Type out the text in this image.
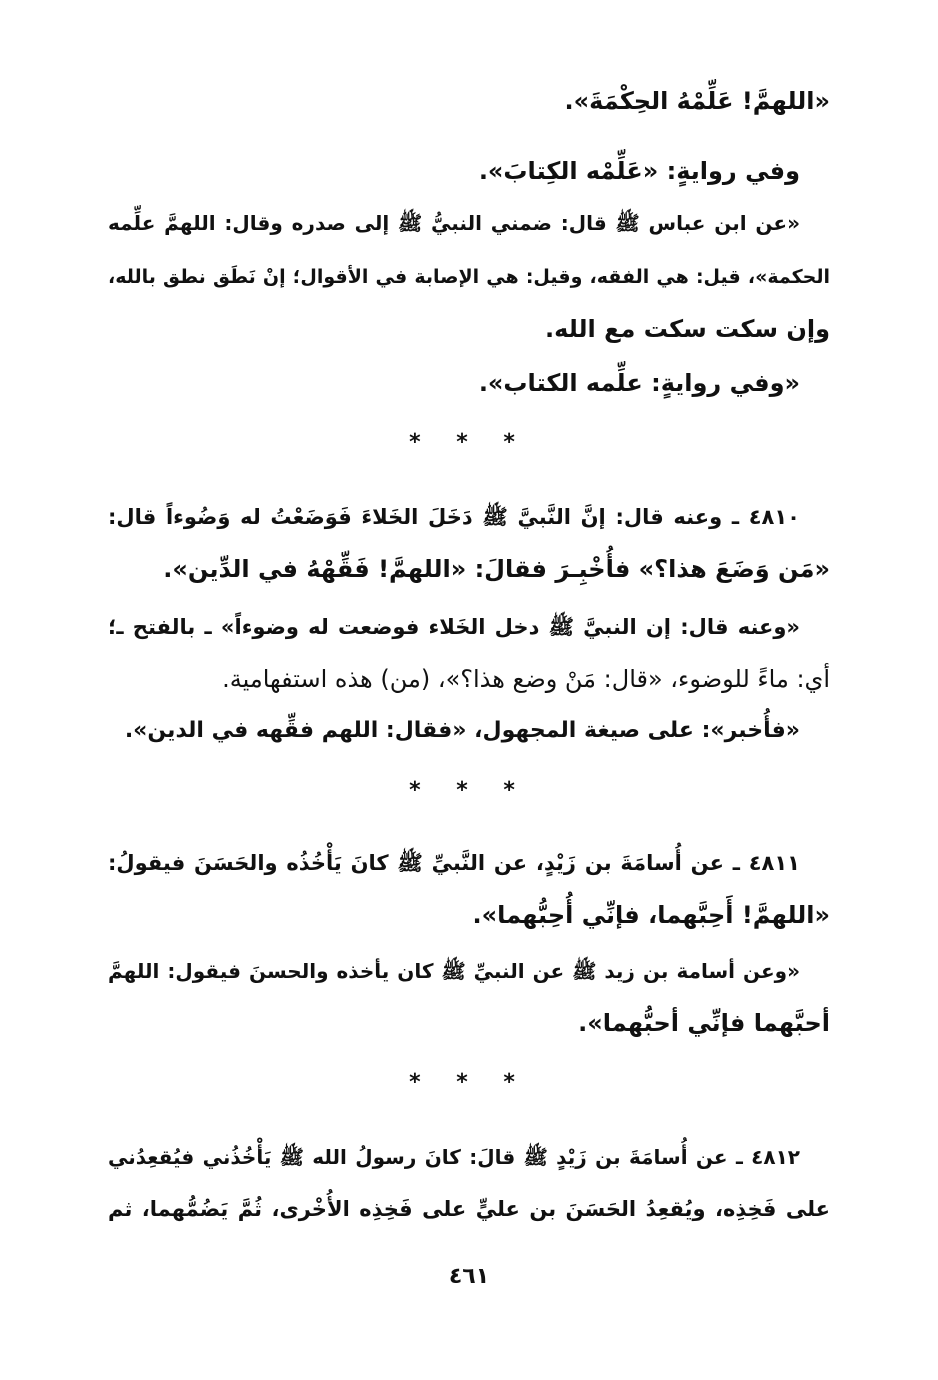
«اللهمَّ! عَلِّمْهُ الحِكْمَةَ».
وفي روايةٍ: «عَلِّمْه الكِتابَ».
«عن ابن عباس ﷺ قال: ضمني النبيُّ ﷺ إلى صدره وقال: اللهمَّ علِّمه
الحكمة»، قيل: هي الفقه، وقيل: هي الإصابة في الأقوال؛ إنْ نَطَق نطق بالله،
وإن سكت سكت مع الله.
«وفي روايةٍ: علِّمه الكتاب».
* * *
٤٨١٠ ـ وعنه قال: إنَّ النَّبيَّ ﷺ دَخَلَ الخَلاءَ فَوَضَعْتُ له وَضُوءاً قال:
«مَن وَضَعَ هذا؟» فأُخْبِـرَ فقالَ: «اللهمَّ! فَقِّهْهُ في الدِّين».
«وعنه قال: إن النبيَّ ﷺ دخل الخَلاء فوضعت له وضوءاً» ـ بالفتح ـ؛
أي: ماءً للوضوء، «قال: مَنْ وضع هذا؟»، (من) هذه استفهامية.
«فأُخبر»: على صيغة المجهول، «فقال: اللهم فقِّهه في الدين».
* * *
٤٨١١ ـ عن أُسامَةَ بن زَيْدٍ، عن النَّبيِّ ﷺ كانَ يَأْخُذُه والحَسَنَ فيقولُ:
«اللهمَّ! أَحِبَّهما، فإنِّي أُحِبُّهما».
«وعن أسامة بن زيد ﷺ عن النبيِّ ﷺ كان يأخذه والحسنَ فيقول: اللهمَّ
أحبَّهما فإنِّي أحبُّهما».
* * *
٤٨١٢ ـ عن أُسامَةَ بن زَيْدٍ ﷺ قالَ: كانَ رسولُ الله ﷺ يَأْخُذُني فيُقعِدُني
على فَخِذِه، ويُقعِدُ الحَسَنَ بن عليٍّ على فَخِذِه الأُخْرى، ثُمَّ يَضُمُّهما، ثم
٤٦١
